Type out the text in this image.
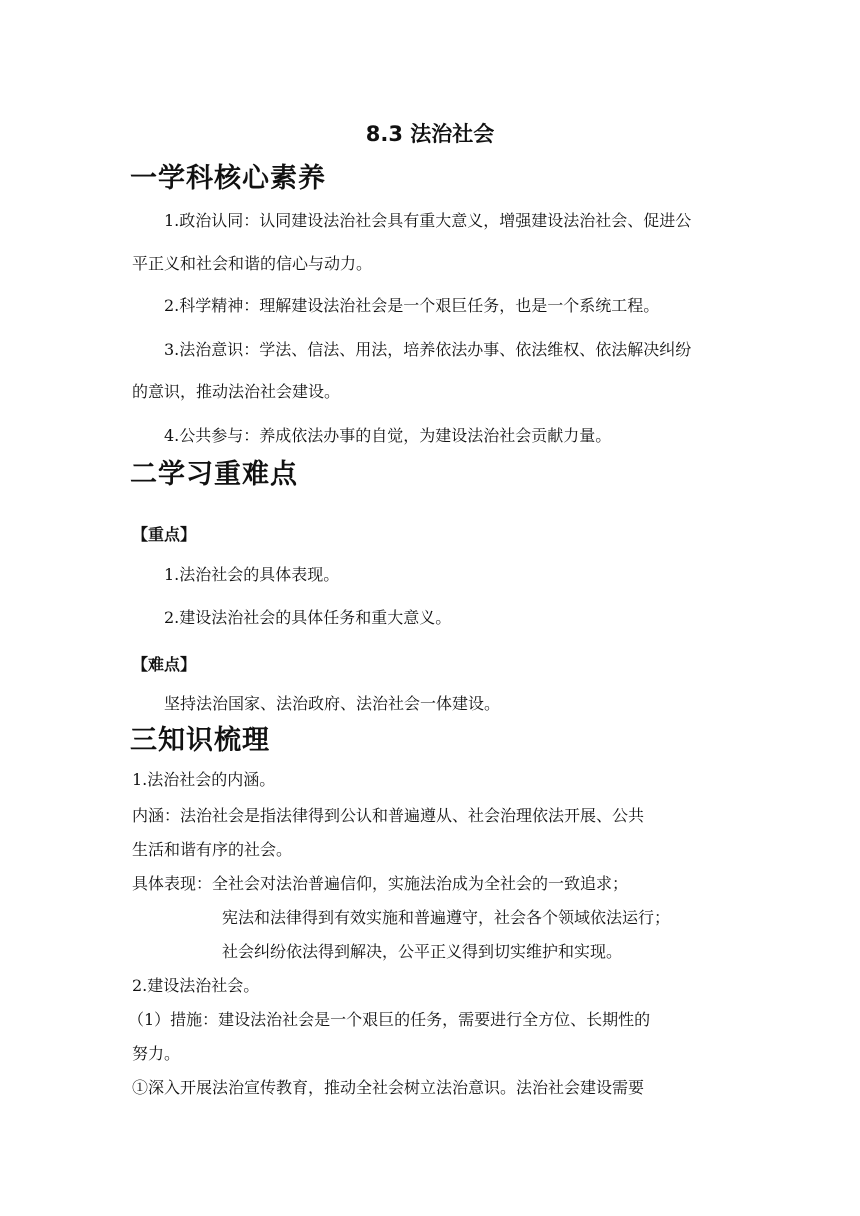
8.3 法治社会
一学科核心素养
1.政治认同：认同建设法治社会具有重大意义，增强建设法治社会、促进公
平正义和社会和谐的信心与动力。
2.科学精神：理解建设法治社会是一个艰巨任务，也是一个系统工程。
3.法治意识：学法、信法、用法，培养依法办事、依法维权、依法解决纠纷
的意识，推动法治社会建设。
4.公共参与：养成依法办事的自觉，为建设法治社会贡献力量。
二学习重难点
【重点】
1.法治社会的具体表现。
2.建设法治社会的具体任务和重大意义。
【难点】
坚持法治国家、法治政府、法治社会一体建设。
三知识梳理
1.法治社会的内涵。
内涵：法治社会是指法律得到公认和普遍遵从、社会治理依法开展、公共
生活和谐有序的社会。
具体表现：全社会对法治普遍信仰，实施法治成为全社会的一致追求；
宪法和法律得到有效实施和普遍遵守，社会各个领域依法运行；
社会纠纷依法得到解决，公平正义得到切实维护和实现。
2.建设法治社会。
（1）措施：建设法治社会是一个艰巨的任务，需要进行全方位、长期性的
努力。
①深入开展法治宣传教育，推动全社会树立法治意识。法治社会建设需要
